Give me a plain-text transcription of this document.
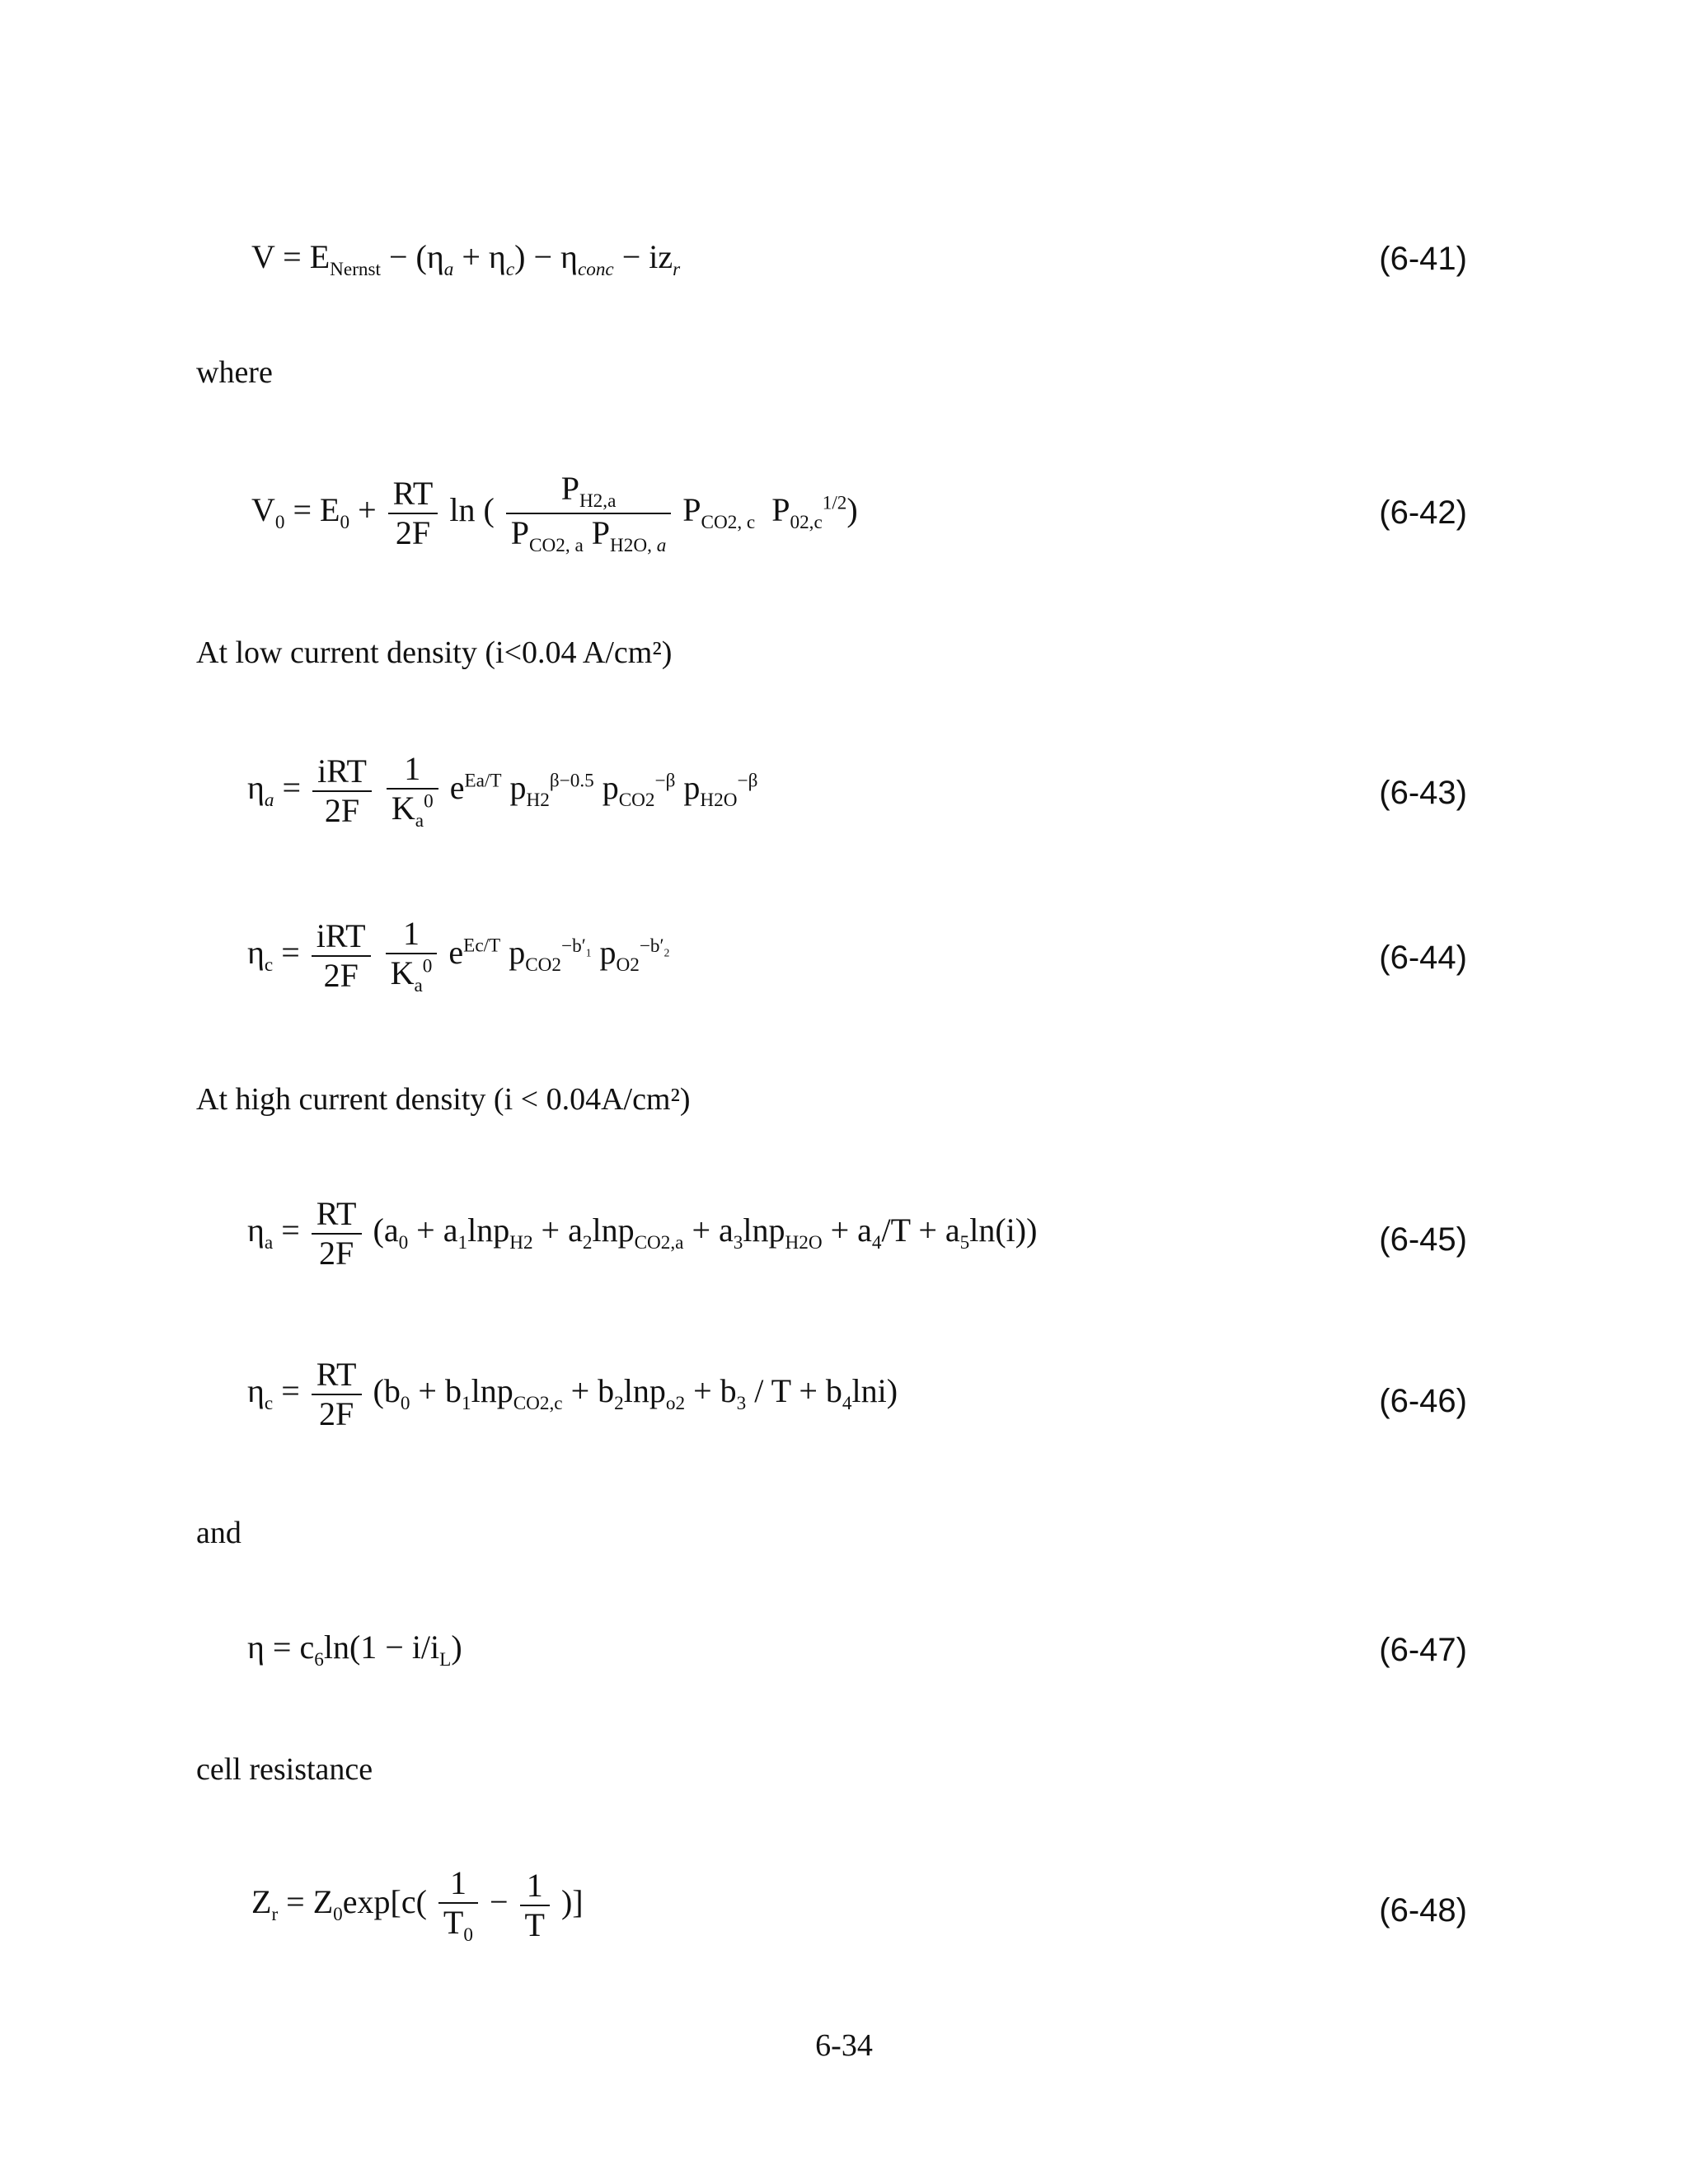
$V = E_{Nernst} - (\eta_a + \eta_c) - \eta_{conc} - iz_r$	(6-41)
where
$V_0 = E_0 + \frac{RT}{2F}$ ln ( $\frac{P_{H2,a}}{P_{CO2, a} P_{H2O, a}} P_{CO2, c}$  $P_{02,c}^{1/2}$)	(6-42)
At low current density (i<0.04 A/cm²)
$\eta_a = \frac{\text{iRT}}{2F}$
$\frac{1}{K_a^0} e^{Ea/T}$ $p_{H2}^{\beta-0.5}$ $p_{CO2}^{-\beta}$ $p_{H2O}^{-\beta}$	(6-43)
$\eta_c = \frac{\text{iRT}}{2F}$
$\frac{1}{K_a^0} e^{Ec/T}$ $p_{CO2}^{-b'_1}$ $p_{O2}^{-b'_2}$	(6-44)
At high current density (i < 0.04A/cm²)
$\eta_a = \frac{RT}{2F} (a_0 + a_1\ln p_{H2} + a_2\ln p_{CO2,a} + a_3\ln p_{H2O} + a_4/T + a_5\ln(i))$	(6-45)
$\eta_c = \frac{RT}{2F} (b_0 + b_1\ln p_{CO2,c} + b_2\ln p_{o2} + b_3 / T + b_4\ln i)$	(6-46)
and
$\eta = c_6\ln(1 - i/i_L)$	(6-47)
cell resistance
$Z_r = Z_0\exp[c( \frac{1}{T_0} - \frac{1}{T}$ )]	(6-48)
6-34
